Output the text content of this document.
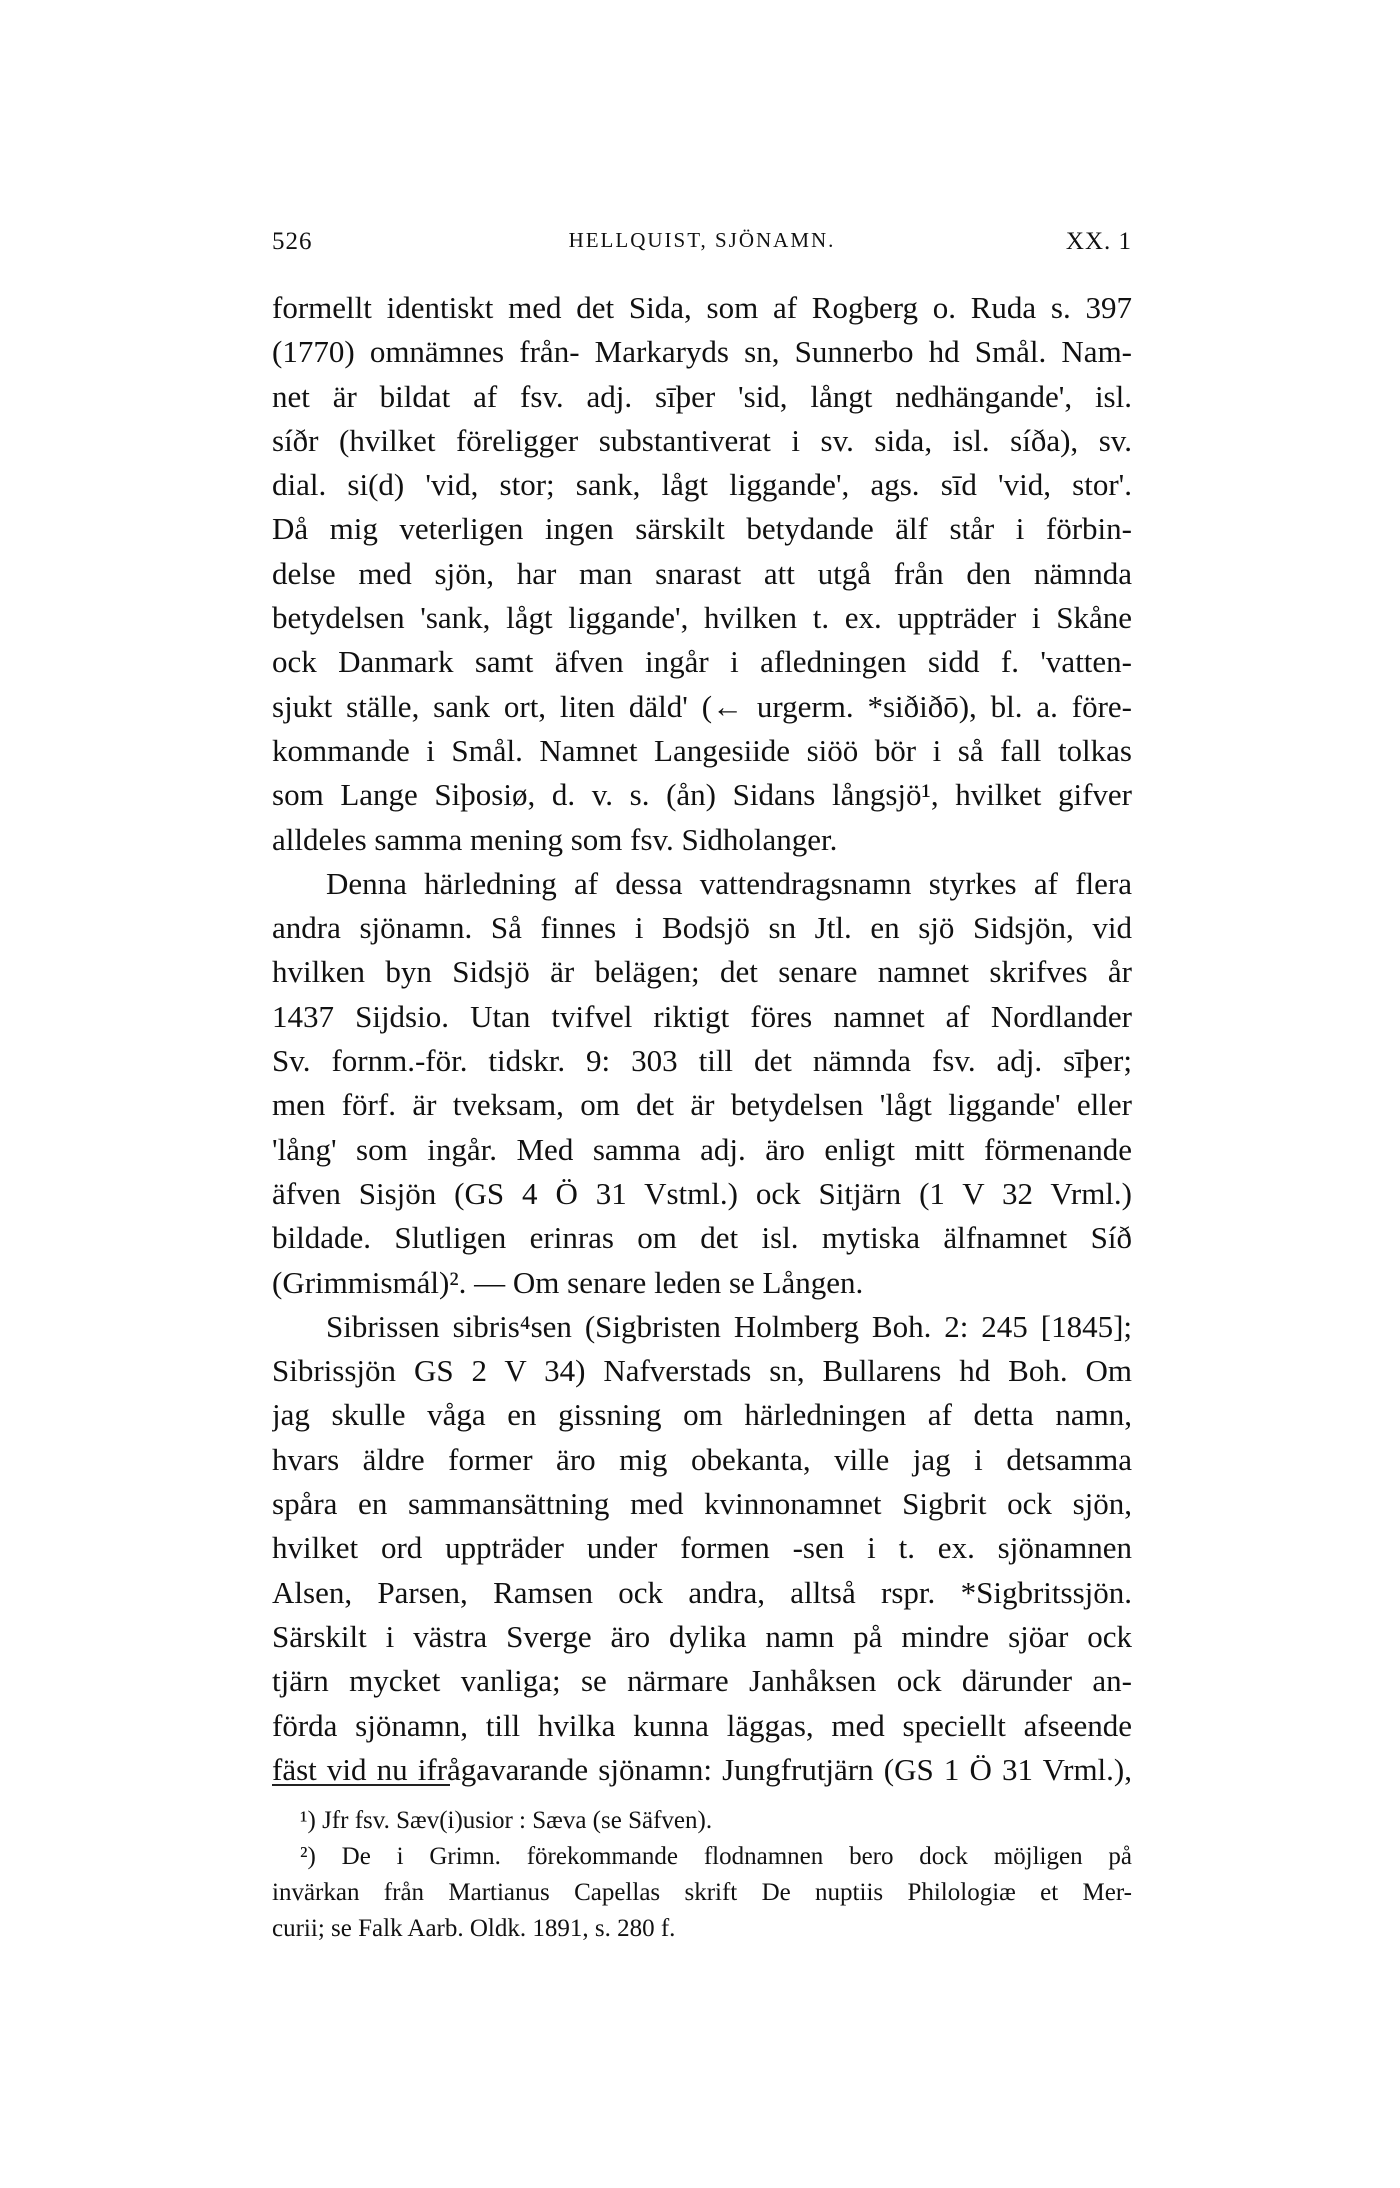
526	HELLQUIST, SJÖNAMN.	XX. 1
formellt identiskt med det Sida, som af Rogberg o. Ruda s. 397
(1770) omnämnes från- Markaryds sn, Sunnerbo hd Smål. Nam-
net är bildat af fsv. adj. sīþer 'sid, långt nedhängande', isl.
síðr (hvilket föreligger substantiverat i sv. sida, isl. síða), sv.
dial. si(d) 'vid, stor; sank, lågt liggande', ags. sīd 'vid, stor'.
Då mig veterligen ingen särskilt betydande älf står i förbin-
delse med sjön, har man snarast att utgå från den nämnda
betydelsen 'sank, lågt liggande', hvilken t. ex. uppträder i Skåne
ock Danmark samt äfven ingår i afledningen sidd f. 'vatten-
sjukt ställe, sank ort, liten däld' (← urgerm. *siðiðō), bl. a. före-
kommande i Smål. Namnet Langesiide siöö bör i så fall tolkas
som Lange Siþosiø, d. v. s. (ån) Sidans långsjö¹, hvilket gifver
alldeles samma mening som fsv. Sidholanger.
Denna härledning af dessa vattendragsnamn styrkes af flera
andra sjönamn. Så finnes i Bodsjö sn Jtl. en sjö Sidsjön, vid
hvilken byn Sidsjö är belägen; det senare namnet skrifves år
1437 Sijdsio. Utan tvifvel riktigt föres namnet af Nordlander
Sv. fornm.-för. tidskr. 9: 303 till det nämnda fsv. adj. sīþer;
men förf. är tveksam, om det är betydelsen 'lågt liggande' eller
'lång' som ingår. Med samma adj. äro enligt mitt förmenande
äfven Sisjön (GS 4 Ö 31 Vstml.) ock Sitjärn (1 V 32 Vrml.)
bildade. Slutligen erinras om det isl. mytiska älfnamnet Síð
(Grimmismál)². — Om senare leden se Lången.
Sibrissen sibris⁴sen (Sigbristen Holmberg Boh. 2: 245 [1845];
Sibrissjön GS 2 V 34) Nafverstads sn, Bullarens hd Boh. Om
jag skulle våga en gissning om härledningen af detta namn,
hvars äldre former äro mig obekanta, ville jag i detsamma
spåra en sammansättning med kvinnonamnet Sigbrit ock sjön,
hvilket ord uppträder under formen -sen i t. ex. sjönamnen
Alsen, Parsen, Ramsen ock andra, alltså rspr. *Sigbritssjön.
Särskilt i västra Sverge äro dylika namn på mindre sjöar ock
tjärn mycket vanliga; se närmare Janhåksen ock därunder an-
förda sjönamn, till hvilka kunna läggas, med speciellt afseende
fäst vid nu ifrågavarande sjönamn: Jungfrutjärn (GS 1 Ö 31 Vrml.),
¹) Jfr fsv. Sæv(i)usior : Sæva (se Säfven).
²) De i Grimn. förekommande flodnamnen bero dock möjligen på
invärkan från Martianus Capellas skrift De nuptiis Philologiæ et Mer-
curii; se Falk Aarb. Oldk. 1891, s. 280 f.
